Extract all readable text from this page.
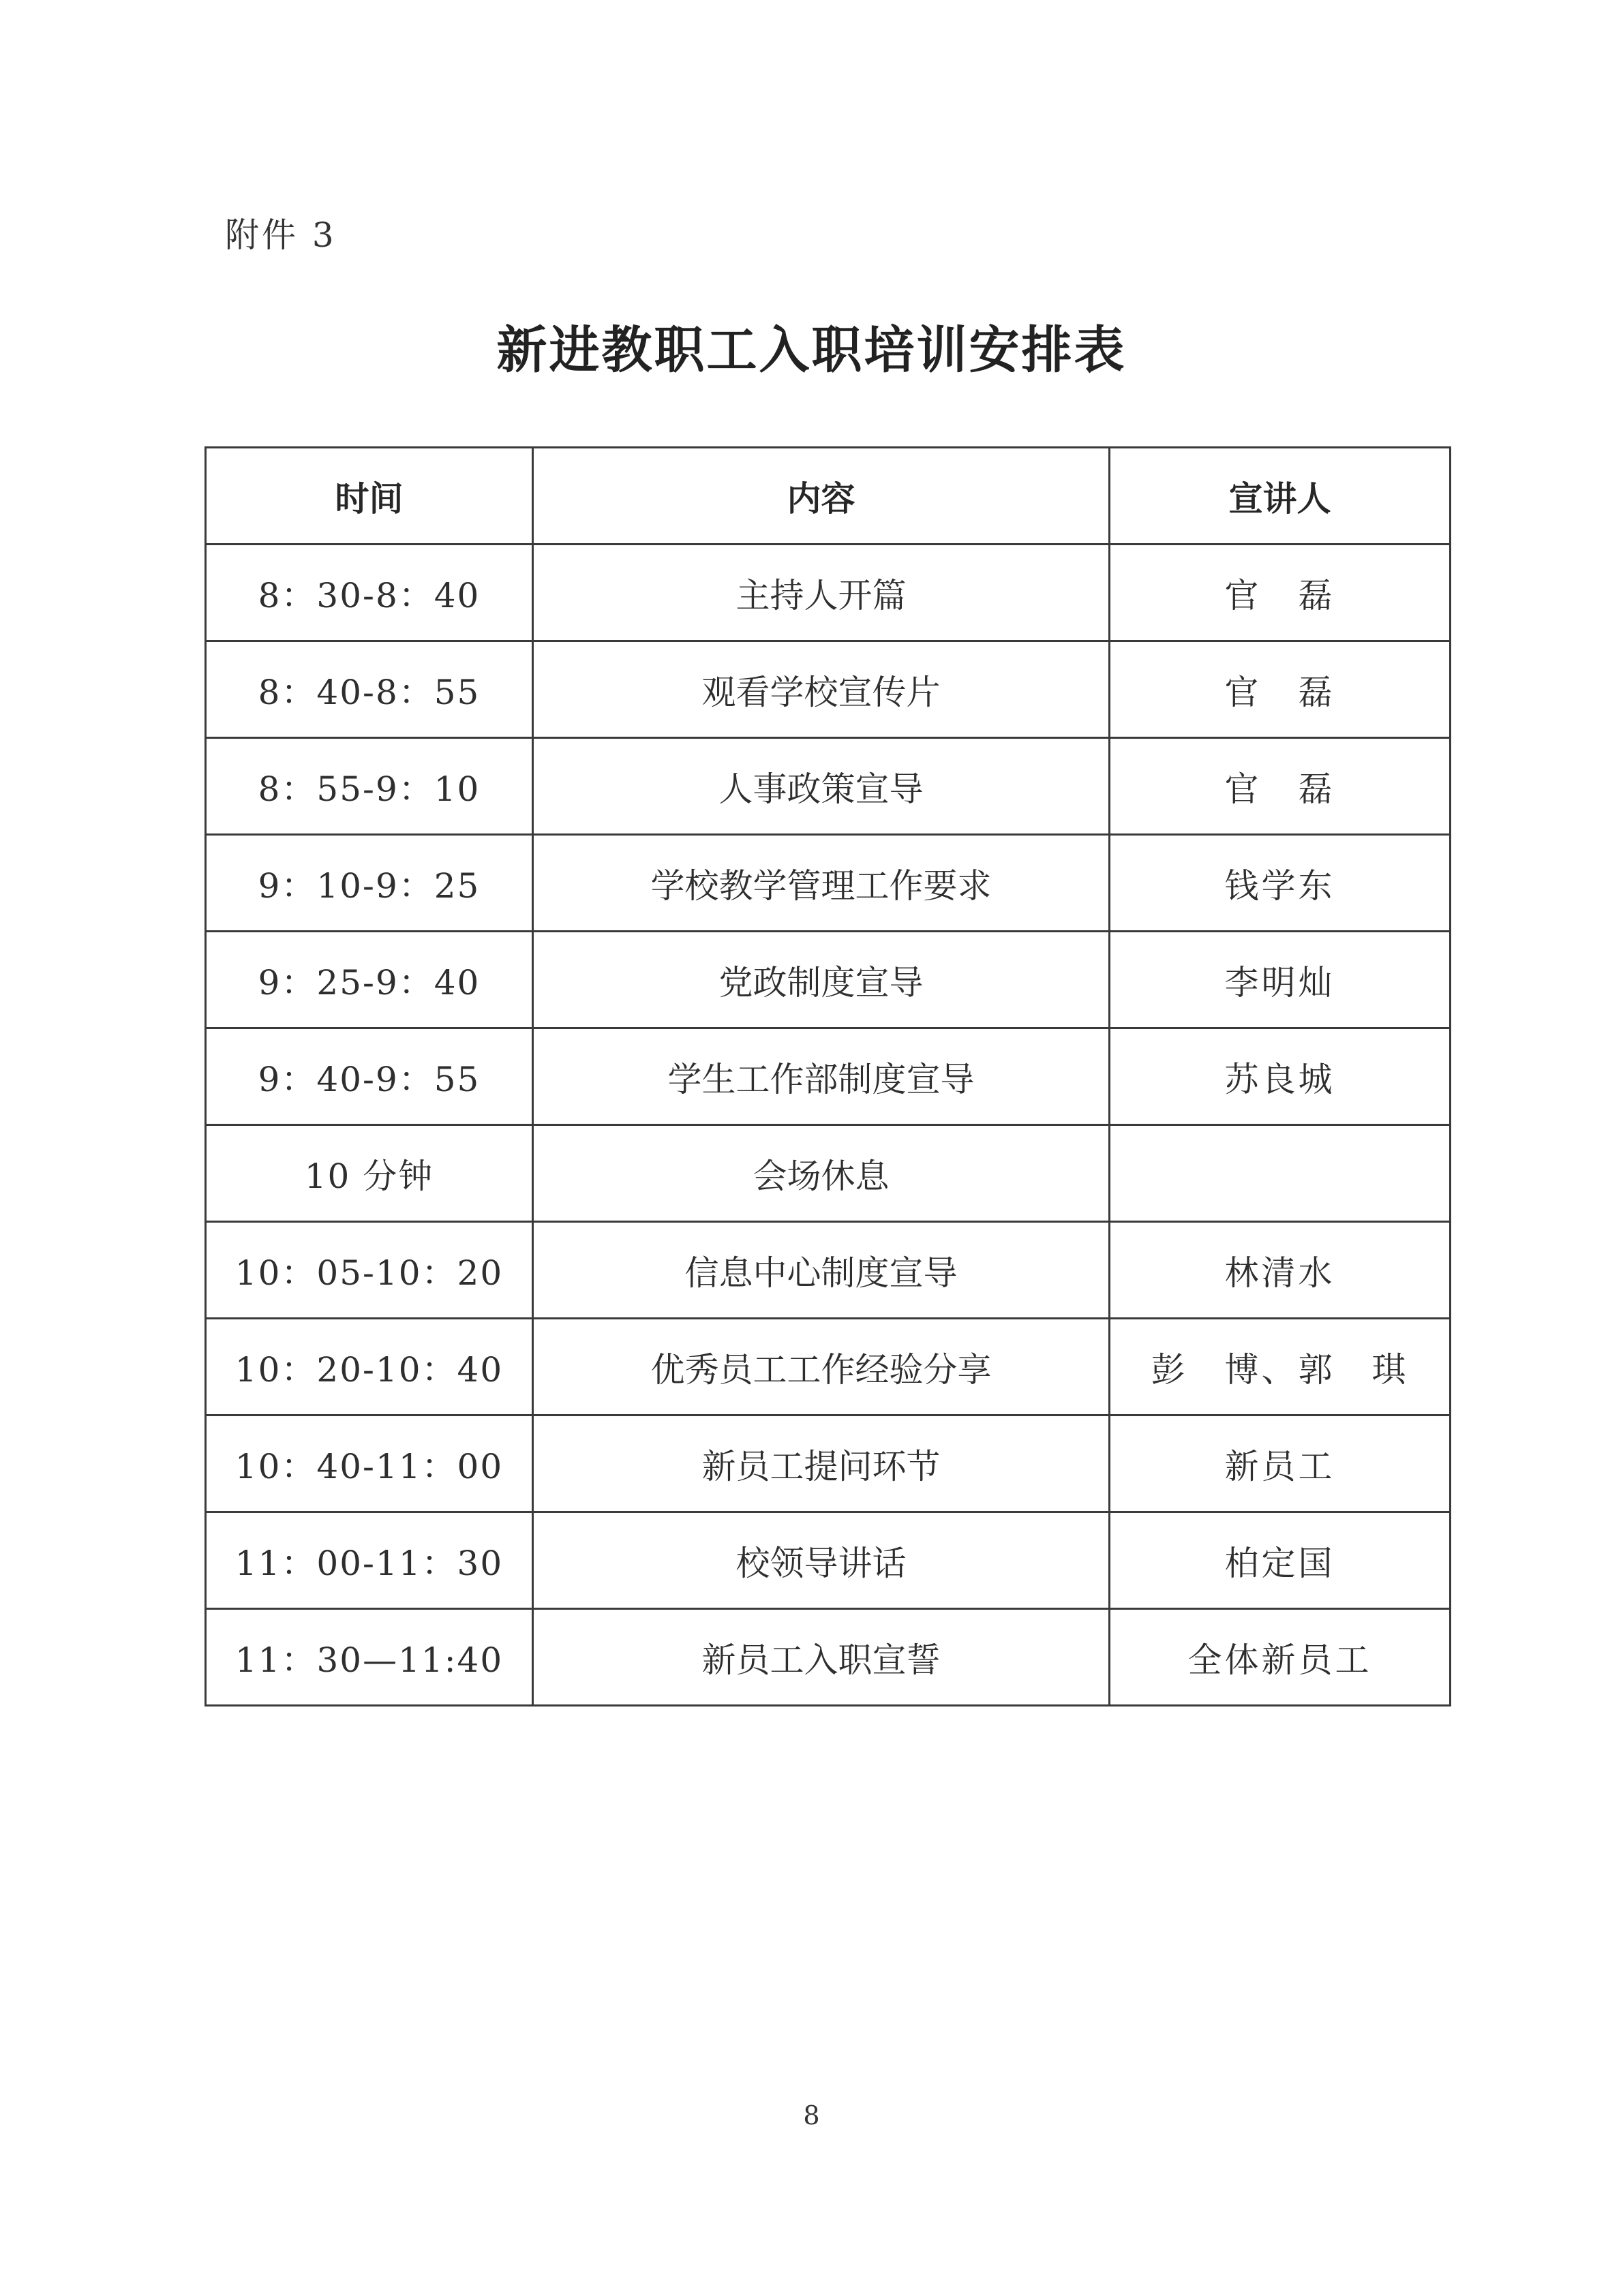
附件 3
新进教职工入职培训安排表
时间	内容	宣讲人
8：30-8：40	主持人开篇	官　磊
8：40-8：55	观看学校宣传片	官　磊
8：55-9：10	人事政策宣导	官　磊
9：10-9：25	学校教学管理工作要求	钱学东
9：25-9：40	党政制度宣导	李明灿
9：40-9：55	学生工作部制度宣导	苏良城
10 分钟	会场休息	
10：05-10：20	信息中心制度宣导	林清水
10：20-10：40	优秀员工工作经验分享	彭　博、郭　琪
10：40-11：00	新员工提问环节	新员工
11：00-11：30	校领导讲话	柏定国
11：30—11:40	新员工入职宣誓	全体新员工
8
